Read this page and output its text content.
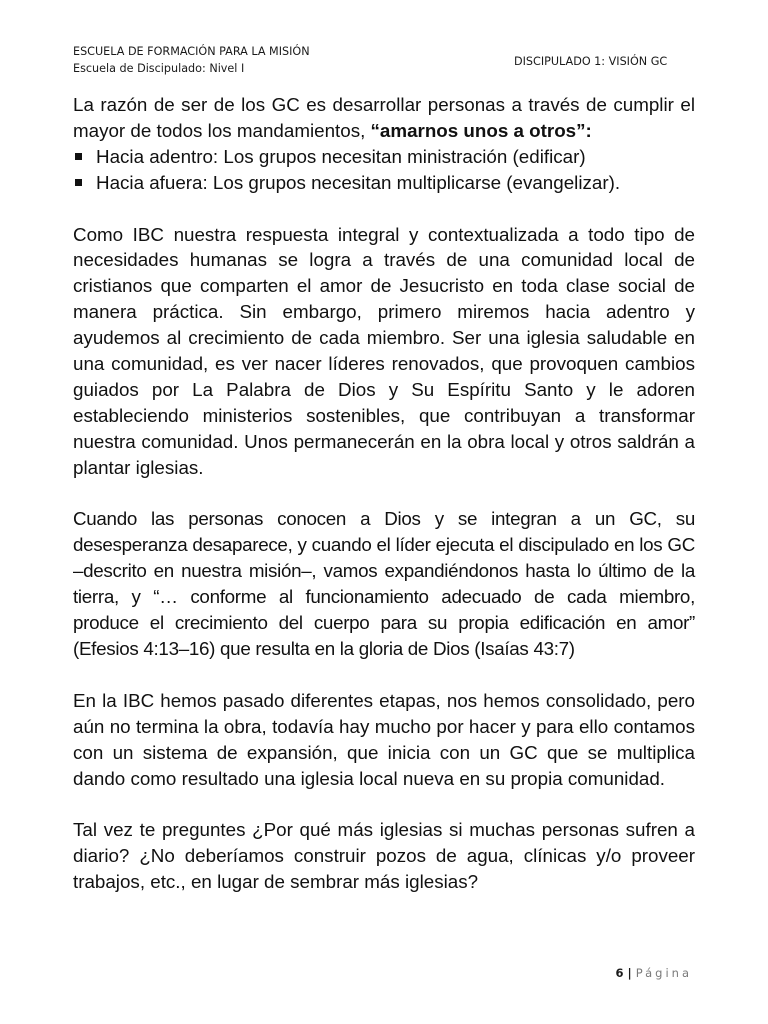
ESCUELA DE FORMACIÓN PARA LA MISIÓN
Escuela de Discipulado: Nivel I
DISCIPULADO 1: VISIÓN GC

La razón de ser de los GC es desarrollar personas a través de cumplir el mayor de todos los mandamientos, “amarnos unos a otros”:

Hacia adentro: Los grupos necesitan ministración (edificar)
Hacia afuera: Los grupos necesitan multiplicarse (evangelizar).

Como IBC nuestra respuesta integral y contextualizada a todo tipo de necesidades humanas se logra a través de una comunidad local de cristianos que comparten el amor de Jesucristo en toda clase social de manera práctica. Sin embargo, primero miremos hacia adentro y ayudemos al crecimiento de cada miembro. Ser una iglesia saludable en una comunidad, es ver nacer líderes renovados, que provoquen cambios guiados por La Palabra de Dios y Su Espíritu Santo y le adoren estableciendo ministerios sostenibles, que contribuyan a transformar nuestra comunidad. Unos permanecerán en la obra local y otros saldrán a plantar iglesias.

Cuando las personas conocen a Dios y se integran a un GC, su desesperanza desaparece, y cuando el líder ejecuta el discipulado en los GC –descrito en nuestra misión–, vamos expandiéndonos hasta lo último de la tierra, y “… conforme al funcionamiento adecuado de cada miembro, produce el crecimiento del cuerpo para su propia edificación en amor” (Efesios 4:13–16) que resulta en la gloria de Dios (Isaías 43:7)

En la IBC hemos pasado diferentes etapas, nos hemos consolidado, pero aún no termina la obra, todavía hay mucho por hacer y para ello contamos con un sistema de expansión, que inicia con un GC que se multiplica dando como resultado una iglesia local nueva en su propia comunidad.

Tal vez te preguntes ¿Por qué más iglesias si muchas personas sufren a diario? ¿No deberíamos construir pozos de agua, clínicas y/o proveer trabajos, etc., en lugar de sembrar más iglesias?

6 | Página
